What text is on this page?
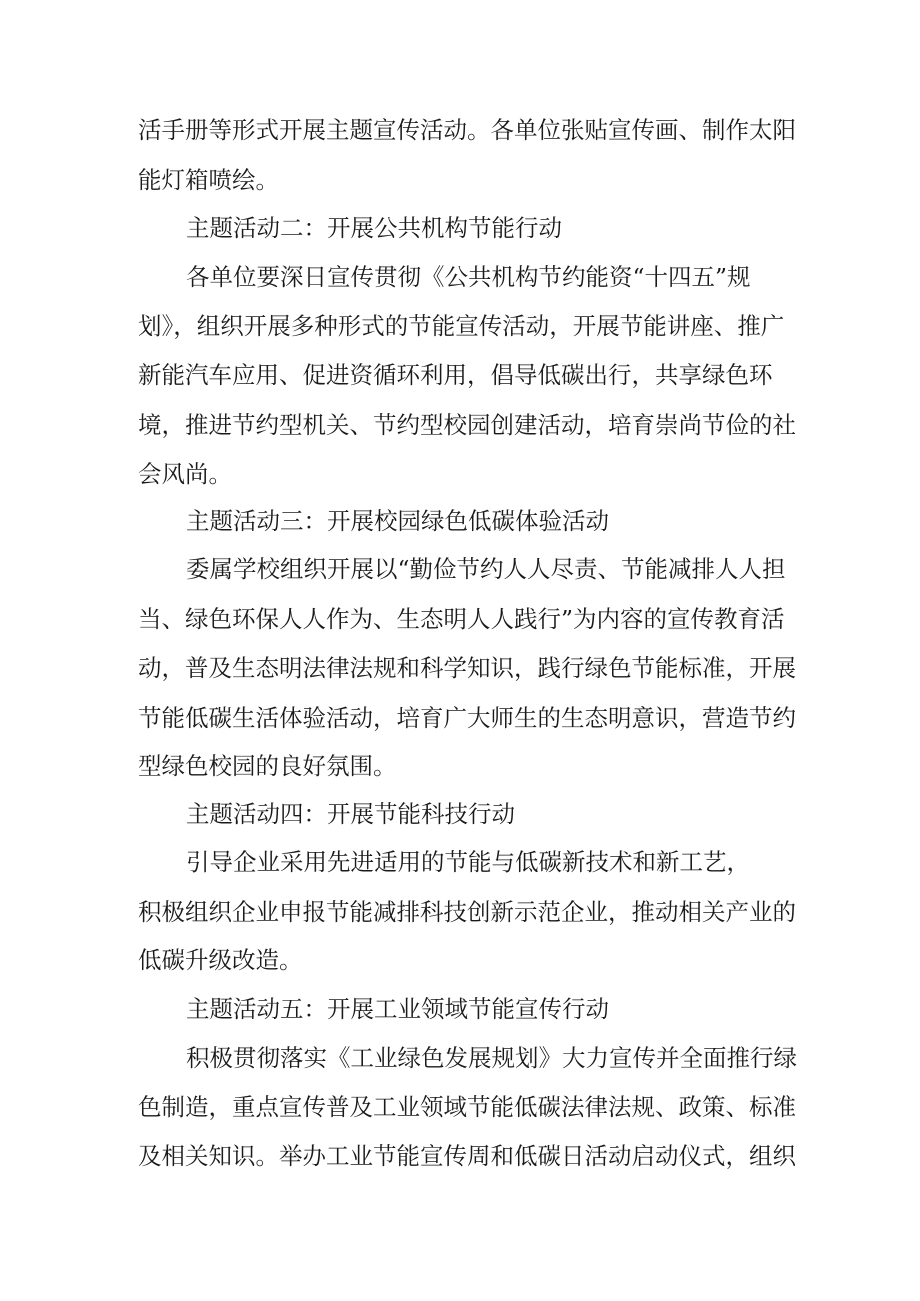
活手册等形式开展主题宣传活动。各单位张贴宣传画、制作太阳
能灯箱喷绘。
主题活动二：开展公共机构节能行动
各单位要深日宣传贯彻《公共机构节约能资“十四五”规
划》，组织开展多种形式的节能宣传活动，开展节能讲座、推广
新能汽车应用、促进资循环利用，倡导低碳出行，共享绿色环
境，推进节约型机关、节约型校园创建活动，培育崇尚节俭的社
会风尚。
主题活动三：开展校园绿色低碳体验活动
委属学校组织开展以“勤俭节约人人尽责、节能减排人人担
当、绿色环保人人作为、生态明人人践行”为内容的宣传教育活
动，普及生态明法律法规和科学知识，践行绿色节能标准，开展
节能低碳生活体验活动，培育广大师生的生态明意识，营造节约
型绿色校园的良好氛围。
主题活动四：开展节能科技行动
引导企业采用先进适用的节能与低碳新技术和新工艺，
积极组织企业申报节能减排科技创新示范企业，推动相关产业的
低碳升级改造。
主题活动五：开展工业领域节能宣传行动
积极贯彻落实《工业绿色发展规划》大力宣传并全面推行绿
色制造，重点宣传普及工业领域节能低碳法律法规、政策、标准
及相关知识。举办工业节能宣传周和低碳日活动启动仪式，组织
